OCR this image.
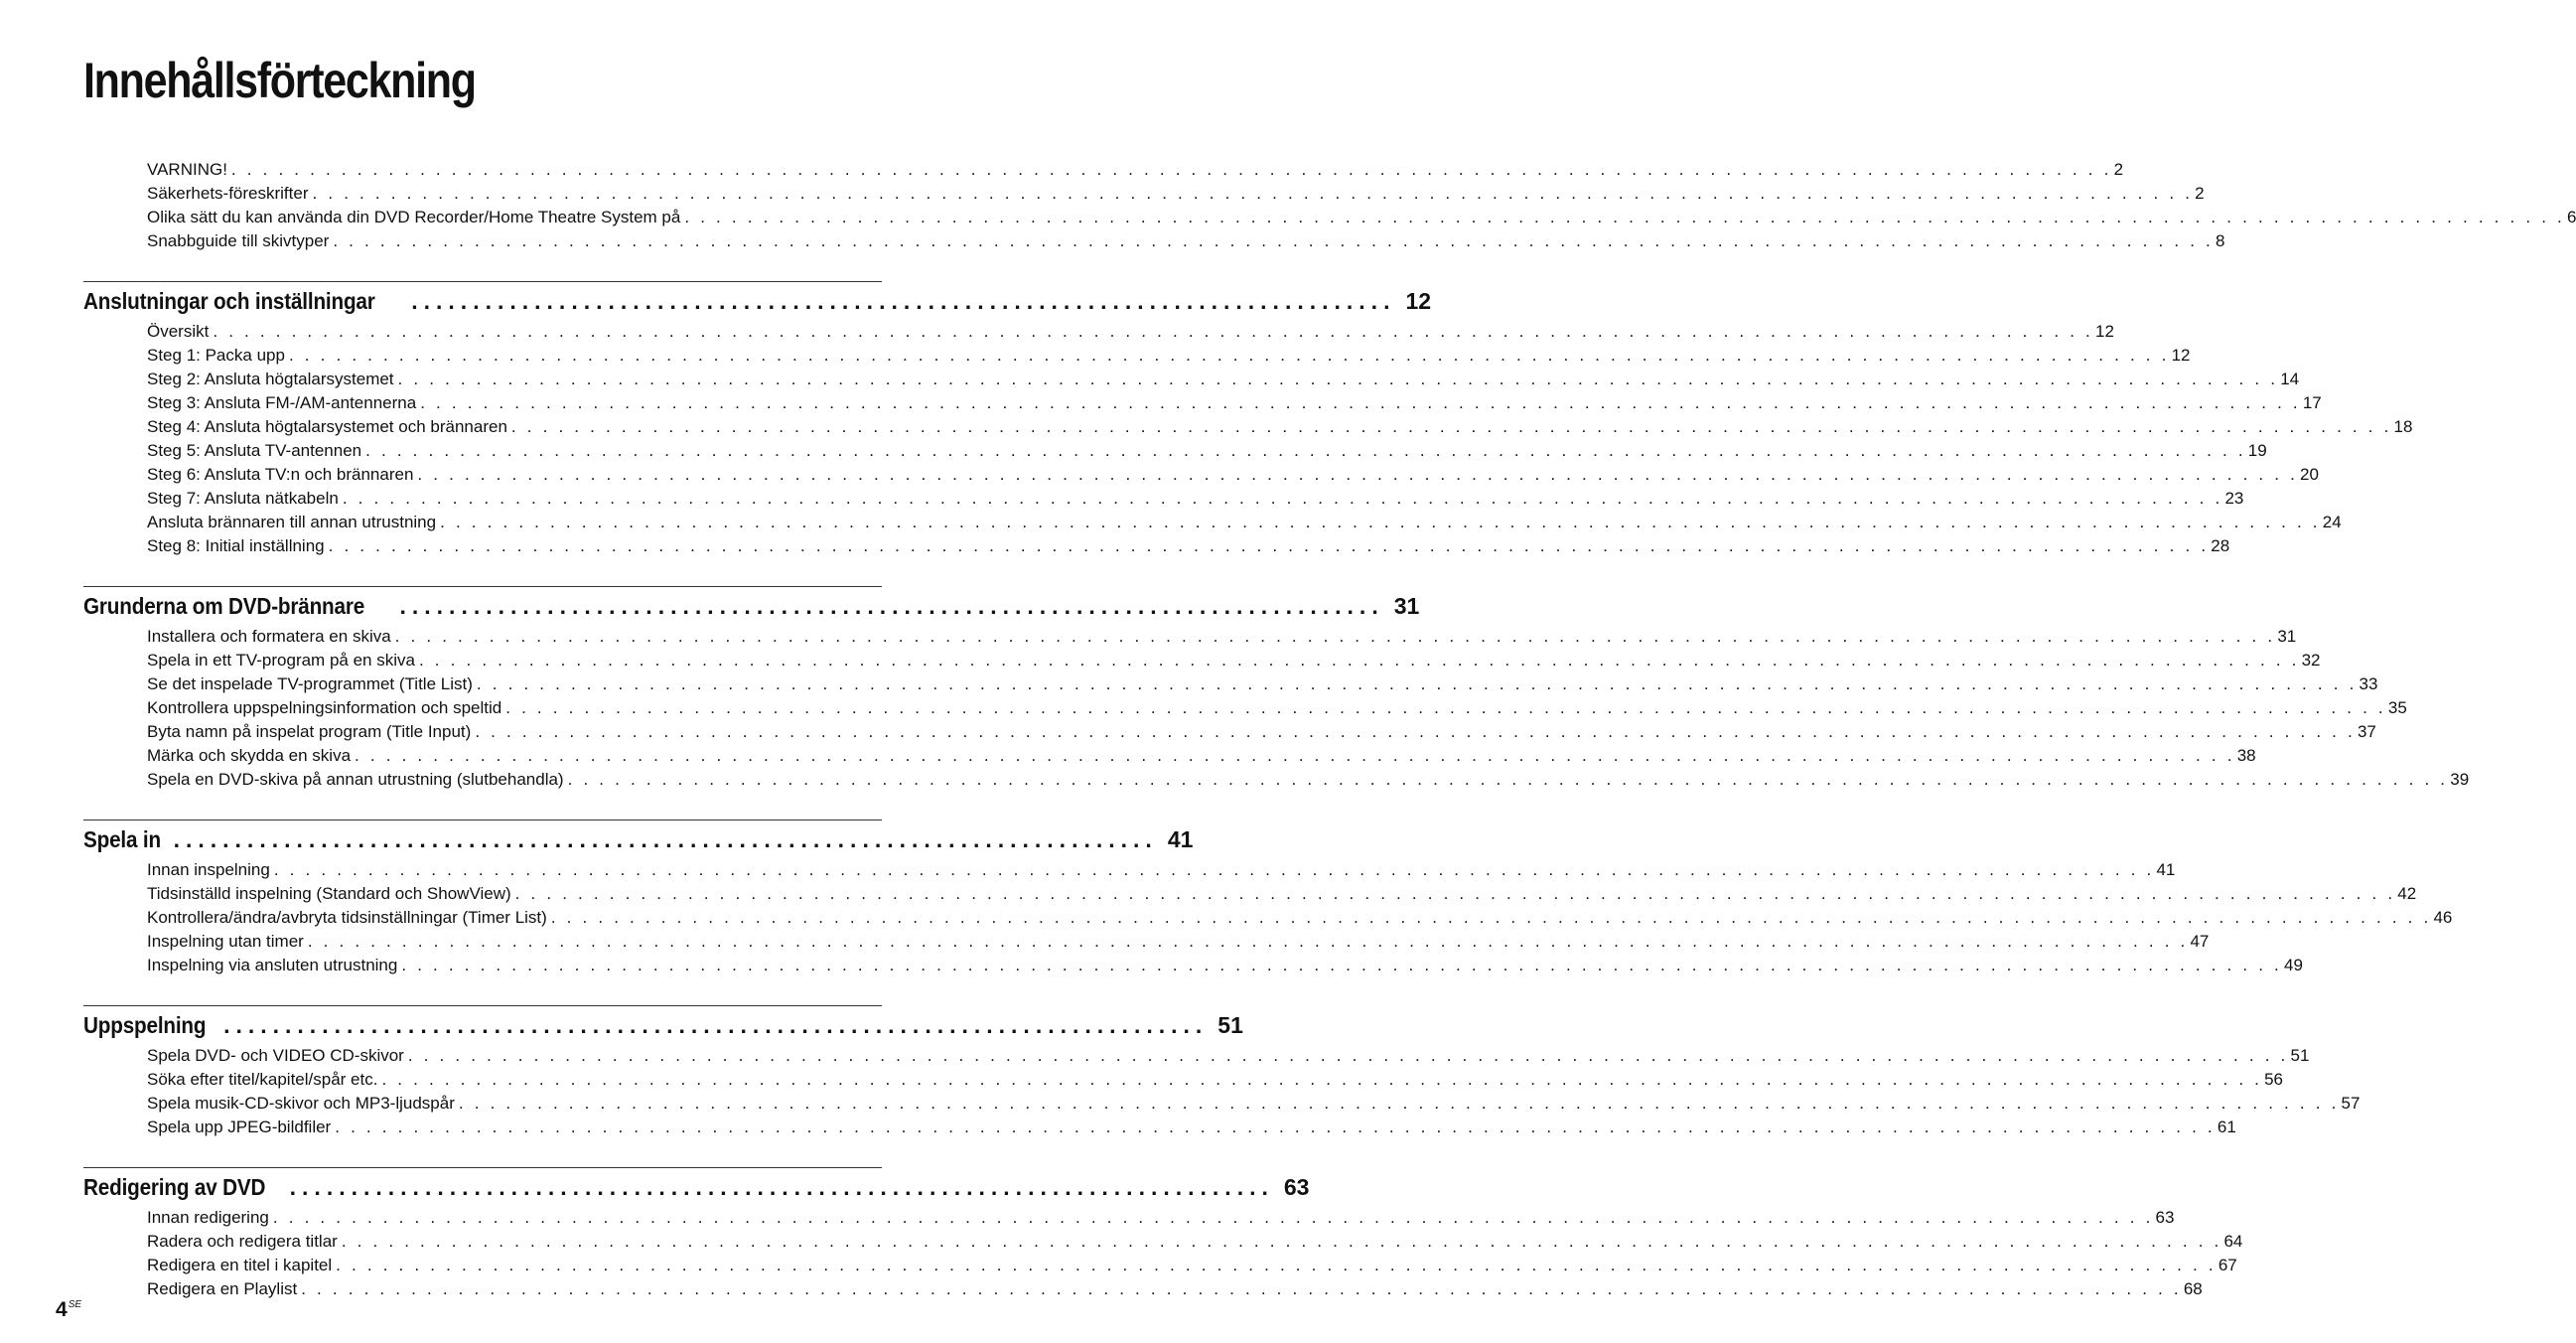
Innehållsförteckning
VARNING! . . . . . . . . . . . . . . . . . . . . . . . . . . . . . . . . . . . . . . . . . . . . . . . . . . . . . . . . . . . . . . . . . . . . . . . . . . . . . . . . . . . . . . . . . . . . . . . . . . . . . . . . . . . . . . . . . . . . . . . . 2
Säkerhets-föreskrifter . . . . . . . . . . . . . . . . . . . . . . . . . . . . . . . . . . . . . . . . . . . . . . . . . . . . . . . . . . . . . . . . . . . . . . . . . . . . . . . . . . . . . . . . . . . . . . . . . . . . . . . . . . . . . . . . . . . . . . . . 2
Olika sätt du kan använda din DVD Recorder/Home Theatre System på . . . . . . . . . . . . . . . . . . . . . . . . . . . . . . . . . . . . . . . . . . . . . . . . . . . . . . . . . . . . . . . . . . . . . . . . . . . . . . . . . . . . . . . . . . . . . . . . . . . . . . . . . . . . . . . . . . . . . . . . 6
Snabbguide till skivtyper . . . . . . . . . . . . . . . . . . . . . . . . . . . . . . . . . . . . . . . . . . . . . . . . . . . . . . . . . . . . . . . . . . . . . . . . . . . . . . . . . . . . . . . . . . . . . . . . . . . . . . . . . . . . . . . . . . . . . . . . 8
Anslutningar och inställningar ................................................................................ 12
Översikt . . . . . . . . . . . . . . . . . . . . . . . . . . . . . . . . . . . . . . . . . . . . . . . . . . . . . . . . . . . . . . . . . . . . . . . . . . . . . . . . . . . . . . . . . . . . . . . . . . . . . . . . . . . . . . . . . . . . . . . . 12
Steg 1: Packa upp . . . . . . . . . . . . . . . . . . . . . . . . . . . . . . . . . . . . . . . . . . . . . . . . . . . . . . . . . . . . . . . . . . . . . . . . . . . . . . . . . . . . . . . . . . . . . . . . . . . . . . . . . . . . . . . . . . . . . . . . 12
Steg 2: Ansluta högtalarsystemet . . . . . . . . . . . . . . . . . . . . . . . . . . . . . . . . . . . . . . . . . . . . . . . . . . . . . . . . . . . . . . . . . . . . . . . . . . . . . . . . . . . . . . . . . . . . . . . . . . . . . . . . . . . . . . . . . . . . . . . . 14
Steg 3: Ansluta FM-/AM-antennerna . . . . . . . . . . . . . . . . . . . . . . . . . . . . . . . . . . . . . . . . . . . . . . . . . . . . . . . . . . . . . . . . . . . . . . . . . . . . . . . . . . . . . . . . . . . . . . . . . . . . . . . . . . . . . . . . . . . . . . . . 17
Steg 4: Ansluta högtalarsystemet och brännaren . . . . . . . . . . . . . . . . . . . . . . . . . . . . . . . . . . . . . . . . . . . . . . . . . . . . . . . . . . . . . . . . . . . . . . . . . . . . . . . . . . . . . . . . . . . . . . . . . . . . . . . . . . . . . . . . . . . . . . . . 18
Steg 5: Ansluta TV-antennen . . . . . . . . . . . . . . . . . . . . . . . . . . . . . . . . . . . . . . . . . . . . . . . . . . . . . . . . . . . . . . . . . . . . . . . . . . . . . . . . . . . . . . . . . . . . . . . . . . . . . . . . . . . . . . . . . . . . . . . . 19
Steg 6: Ansluta TV:n och brännaren . . . . . . . . . . . . . . . . . . . . . . . . . . . . . . . . . . . . . . . . . . . . . . . . . . . . . . . . . . . . . . . . . . . . . . . . . . . . . . . . . . . . . . . . . . . . . . . . . . . . . . . . . . . . . . . . . . . . . . . . 20
Steg 7: Ansluta nätkabeln . . . . . . . . . . . . . . . . . . . . . . . . . . . . . . . . . . . . . . . . . . . . . . . . . . . . . . . . . . . . . . . . . . . . . . . . . . . . . . . . . . . . . . . . . . . . . . . . . . . . . . . . . . . . . . . . . . . . . . . . 23
Ansluta brännaren till annan utrustning . . . . . . . . . . . . . . . . . . . . . . . . . . . . . . . . . . . . . . . . . . . . . . . . . . . . . . . . . . . . . . . . . . . . . . . . . . . . . . . . . . . . . . . . . . . . . . . . . . . . . . . . . . . . . . . . . . . . . . . . 24
Steg 8: Initial inställning . . . . . . . . . . . . . . . . . . . . . . . . . . . . . . . . . . . . . . . . . . . . . . . . . . . . . . . . . . . . . . . . . . . . . . . . . . . . . . . . . . . . . . . . . . . . . . . . . . . . . . . . . . . . . . . . . . . . . . . . 28
Grunderna om DVD-brännare ................................................................................ 31
Installera och formatera en skiva . . . . . . . . . . . . . . . . . . . . . . . . . . . . . . . . . . . . . . . . . . . . . . . . . . . . . . . . . . . . . . . . . . . . . . . . . . . . . . . . . . . . . . . . . . . . . . . . . . . . . . . . . . . . . . . . . . . . . . . . 31
Spela in ett TV-program på en skiva . . . . . . . . . . . . . . . . . . . . . . . . . . . . . . . . . . . . . . . . . . . . . . . . . . . . . . . . . . . . . . . . . . . . . . . . . . . . . . . . . . . . . . . . . . . . . . . . . . . . . . . . . . . . . . . . . . . . . . . . 32
Se det inspelade TV-programmet (Title List) . . . . . . . . . . . . . . . . . . . . . . . . . . . . . . . . . . . . . . . . . . . . . . . . . . . . . . . . . . . . . . . . . . . . . . . . . . . . . . . . . . . . . . . . . . . . . . . . . . . . . . . . . . . . . . . . . . . . . . . . 33
Kontrollera uppspelningsinformation och speltid . . . . . . . . . . . . . . . . . . . . . . . . . . . . . . . . . . . . . . . . . . . . . . . . . . . . . . . . . . . . . . . . . . . . . . . . . . . . . . . . . . . . . . . . . . . . . . . . . . . . . . . . . . . . . . . . . . . . . . . . 35
Byta namn på inspelat program (Title Input) . . . . . . . . . . . . . . . . . . . . . . . . . . . . . . . . . . . . . . . . . . . . . . . . . . . . . . . . . . . . . . . . . . . . . . . . . . . . . . . . . . . . . . . . . . . . . . . . . . . . . . . . . . . . . . . . . . . . . . . . 37
Märka och skydda en skiva . . . . . . . . . . . . . . . . . . . . . . . . . . . . . . . . . . . . . . . . . . . . . . . . . . . . . . . . . . . . . . . . . . . . . . . . . . . . . . . . . . . . . . . . . . . . . . . . . . . . . . . . . . . . . . . . . . . . . . . . 38
Spela en DVD-skiva på annan utrustning (slutbehandla) . . . . . . . . . . . . . . . . . . . . . . . . . . . . . . . . . . . . . . . . . . . . . . . . . . . . . . . . . . . . . . . . . . . . . . . . . . . . . . . . . . . . . . . . . . . . . . . . . . . . . . . . . . . . . . . . . . . . . . . . 39
Spela in ................................................................................ 41
Innan inspelning . . . . . . . . . . . . . . . . . . . . . . . . . . . . . . . . . . . . . . . . . . . . . . . . . . . . . . . . . . . . . . . . . . . . . . . . . . . . . . . . . . . . . . . . . . . . . . . . . . . . . . . . . . . . . . . . . . . . . . . . 41
Tidsinställd inspelning (Standard och ShowView) . . . . . . . . . . . . . . . . . . . . . . . . . . . . . . . . . . . . . . . . . . . . . . . . . . . . . . . . . . . . . . . . . . . . . . . . . . . . . . . . . . . . . . . . . . . . . . . . . . . . . . . . . . . . . . . . . . . . . . . . 42
Kontrollera/ändra/avbryta tidsinställningar (Timer List) . . . . . . . . . . . . . . . . . . . . . . . . . . . . . . . . . . . . . . . . . . . . . . . . . . . . . . . . . . . . . . . . . . . . . . . . . . . . . . . . . . . . . . . . . . . . . . . . . . . . . . . . . . . . . . . . . . . . . . . . 46
Inspelning utan timer . . . . . . . . . . . . . . . . . . . . . . . . . . . . . . . . . . . . . . . . . . . . . . . . . . . . . . . . . . . . . . . . . . . . . . . . . . . . . . . . . . . . . . . . . . . . . . . . . . . . . . . . . . . . . . . . . . . . . . . . 47
Inspelning via ansluten utrustning . . . . . . . . . . . . . . . . . . . . . . . . . . . . . . . . . . . . . . . . . . . . . . . . . . . . . . . . . . . . . . . . . . . . . . . . . . . . . . . . . . . . . . . . . . . . . . . . . . . . . . . . . . . . . . . . . . . . . . . . 49
Uppspelning ................................................................................ 51
Spela DVD- och VIDEO CD-skivor . . . . . . . . . . . . . . . . . . . . . . . . . . . . . . . . . . . . . . . . . . . . . . . . . . . . . . . . . . . . . . . . . . . . . . . . . . . . . . . . . . . . . . . . . . . . . . . . . . . . . . . . . . . . . . . . . . . . . . . . 51
Söka efter titel/kapitel/spår etc. . . . . . . . . . . . . . . . . . . . . . . . . . . . . . . . . . . . . . . . . . . . . . . . . . . . . . . . . . . . . . . . . . . . . . . . . . . . . . . . . . . . . . . . . . . . . . . . . . . . . . . . . . . . . . . . . . . . . . . . . 56
Spela musik-CD-skivor och MP3-ljudspår . . . . . . . . . . . . . . . . . . . . . . . . . . . . . . . . . . . . . . . . . . . . . . . . . . . . . . . . . . . . . . . . . . . . . . . . . . . . . . . . . . . . . . . . . . . . . . . . . . . . . . . . . . . . . . . . . . . . . . . . 57
Spela upp JPEG-bildfiler . . . . . . . . . . . . . . . . . . . . . . . . . . . . . . . . . . . . . . . . . . . . . . . . . . . . . . . . . . . . . . . . . . . . . . . . . . . . . . . . . . . . . . . . . . . . . . . . . . . . . . . . . . . . . . . . . . . . . . . . 61
Redigering av DVD ................................................................................ 63
Innan redigering . . . . . . . . . . . . . . . . . . . . . . . . . . . . . . . . . . . . . . . . . . . . . . . . . . . . . . . . . . . . . . . . . . . . . . . . . . . . . . . . . . . . . . . . . . . . . . . . . . . . . . . . . . . . . . . . . . . . . . . . 63
Radera och redigera titlar . . . . . . . . . . . . . . . . . . . . . . . . . . . . . . . . . . . . . . . . . . . . . . . . . . . . . . . . . . . . . . . . . . . . . . . . . . . . . . . . . . . . . . . . . . . . . . . . . . . . . . . . . . . . . . . . . . . . . . . . 64
Redigera en titel i kapitel . . . . . . . . . . . . . . . . . . . . . . . . . . . . . . . . . . . . . . . . . . . . . . . . . . . . . . . . . . . . . . . . . . . . . . . . . . . . . . . . . . . . . . . . . . . . . . . . . . . . . . . . . . . . . . . . . . . . . . . . 67
Redigera en Playlist . . . . . . . . . . . . . . . . . . . . . . . . . . . . . . . . . . . . . . . . . . . . . . . . . . . . . . . . . . . . . . . . . . . . . . . . . . . . . . . . . . . . . . . . . . . . . . . . . . . . . . . . . . . . . . . . . . . . . . . . 68
$4^{SE}$
